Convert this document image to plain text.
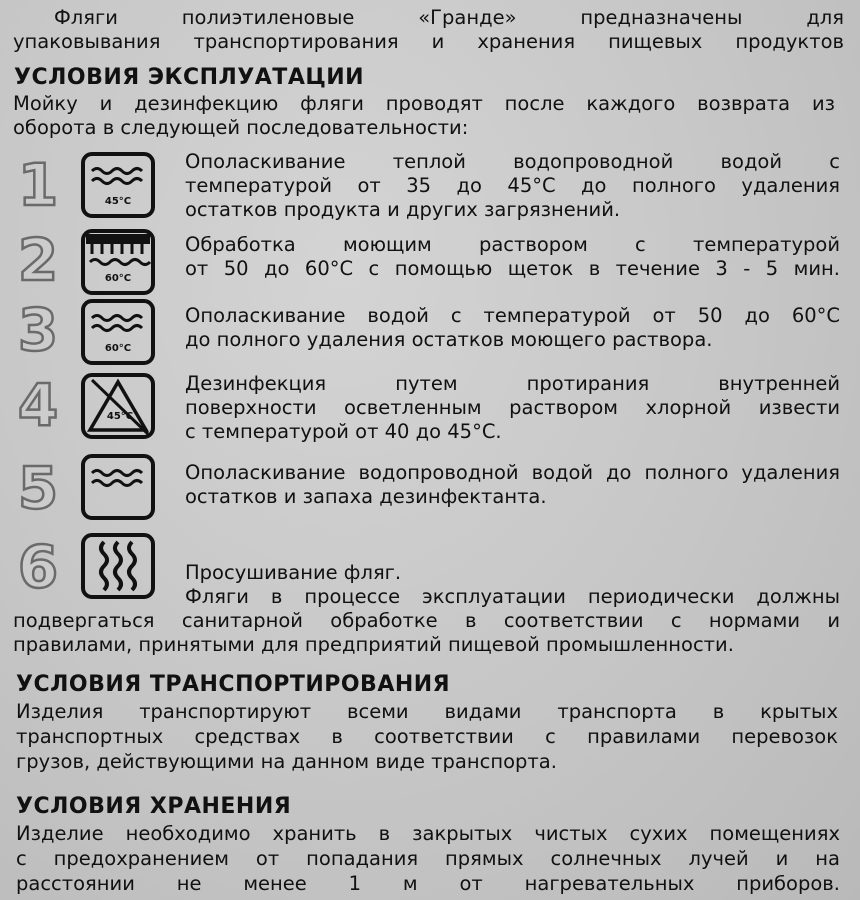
Фляги полиэтиленовые «Гранде» предназначены для
упаковывания транспортирования и хранения пищевых продуктов
УСЛОВИЯ ЭКСПЛУАТАЦИИ
Мойку и дезинфекцию фляги проводят после каждого возврата из
оборота в следующей последовательности:
1	45°C
Ополаскивание теплой водопроводной водой с
температурой от 35 до 45°C до полного удаления
остатков продукта и других загрязнений.
2	60°C
Обработка моющим раствором с температурой
от 50 до 60°C с помощью щеток в течение 3 - 5 мин.
3	60°C
Ополаскивание водой с температурой от 50 до 60°C
до полного удаления остатков моющего раствора.
4	45°C
Дезинфекция путем протирания внутренней
поверхности осветленным раствором хлорной извести
с температурой от 40 до 45°C.
5	Ополаскивание водопроводной водой до полного удаления
остатков и запаха дезинфектанта.
6	Просушивание фляг.
Фляги в процессе эксплуатации периодически должны
подвергаться санитарной обработке в соответствии с нормами и
правилами, принятыми для предприятий пищевой промышленности.
УСЛОВИЯ ТРАНСПОРТИРОВАНИЯ
Изделия транспортируют всеми видами транспорта в крытых
транспортных средствах в соответствии с правилами перевозок
грузов, действующими на данном виде транспорта.
УСЛОВИЯ ХРАНЕНИЯ
Изделие необходимо хранить в закрытых чистых сухих помещениях
с предохранением от попадания прямых солнечных лучей и на
расстоянии не менее 1 м от нагревательных приборов.
